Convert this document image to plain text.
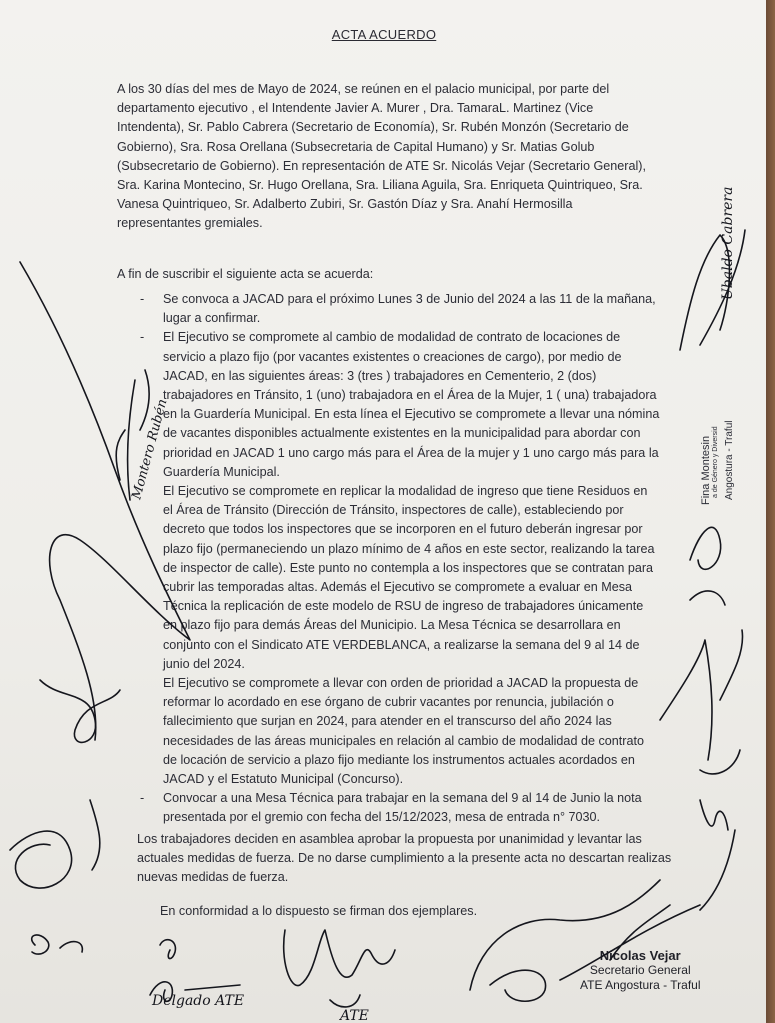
ACTA ACUERDO
A los 30 días del mes de Mayo de 2024, se reúnen en el palacio municipal, por parte del departamento ejecutivo , el Intendente Javier A. Murer , Dra. TamaraL. Martinez (Vice Intendenta), Sr. Pablo Cabrera (Secretario de Economía), Sr. Rubén Monzón (Secretario de Gobierno), Sra. Rosa Orellana (Subsecretaria de Capital Humano) y Sr. Matias Golub (Subsecretario de Gobierno). En representación de ATE Sr. Nicolás Vejar (Secretario General), Sra. Karina Montecino, Sr. Hugo Orellana, Sra. Liliana Aguila, Sra. Enriqueta Quintriqueo, Sra. Vanesa Quintriqueo, Sr. Adalberto Zubiri, Sr. Gastón Díaz y Sra. Anahí Hermosilla representantes gremiales.
A fin de suscribir el siguiente acta se acuerda:
- Se convoca a JACAD para el próximo Lunes 3 de Junio del 2024 a las 11 de la mañana, lugar a confirmar.
- El Ejecutivo se compromete al cambio de modalidad de contrato de locaciones de servicio a plazo fijo (por vacantes existentes o creaciones de cargo), por medio de JACAD, en las siguientes áreas: 3 (tres ) trabajadores en Cementerio, 2 (dos) trabajadores en Tránsito, 1 (uno) trabajadora en el Área de la Mujer, 1 ( una) trabajadora en la Guardería Municipal. En esta línea el Ejecutivo se compromete a llevar una nómina de vacantes disponibles actualmente existentes en la municipalidad para abordar con prioridad en JACAD 1 uno cargo más para el Área de la mujer y 1 uno cargo más para la Guardería Municipal.
El Ejecutivo se compromete en replicar la modalidad de ingreso que tiene Residuos en el Área de Tránsito (Dirección de Tránsito, inspectores de calle), estableciendo por decreto que todos los inspectores que se incorporen en el futuro deberán ingresar por plazo fijo (permaneciendo un plazo mínimo de 4 años en este sector, realizando la tarea de inspector de calle). Este punto no contempla a los inspectores que se contratan para cubrir las temporadas altas. Además el Ejecutivo se compromete a evaluar en Mesa Técnica la replicación de este modelo de RSU de ingreso de trabajadores únicamente en plazo fijo para demás Áreas del Municipio. La Mesa Técnica se desarrollara en conjunto con el Sindicato ATE VERDEBLANCA, a realizarse la semana del 9 al 14 de junio del 2024.
El Ejecutivo se compromete a llevar con orden de prioridad a JACAD la propuesta de reformar lo acordado en ese órgano de cubrir vacantes por renuncia, jubilación o fallecimiento que surjan en 2024, para atender en el transcurso del año 2024 las necesidades de las áreas municipales en relación al cambio de modalidad de contrato de locación de servicio a plazo fijo mediante los instrumentos actuales acordados en JACAD y el Estatuto Municipal (Concurso).
- Convocar a una Mesa Técnica para trabajar en la semana del 9 al 14 de Junio la nota presentada por el gremio con fecha del 15/12/2023, mesa de entrada n° 7030.
Los trabajadores deciden en asamblea aprobar la propuesta por unanimidad y levantar las actuales medidas de fuerza. De no darse cumplimiento a la presente acta no descartan realizas nuevas medidas de fuerza.
En conformidad a lo dispuesto se firman dos ejemplares.
Nicolas Vejar
Secretario General
ATE Angostura - Traful
Fina Montesin a de Género y Diversid Angostura - Traful
Ubaldo Cabrera
Montero Rubén
Delgado ATE
ATE
